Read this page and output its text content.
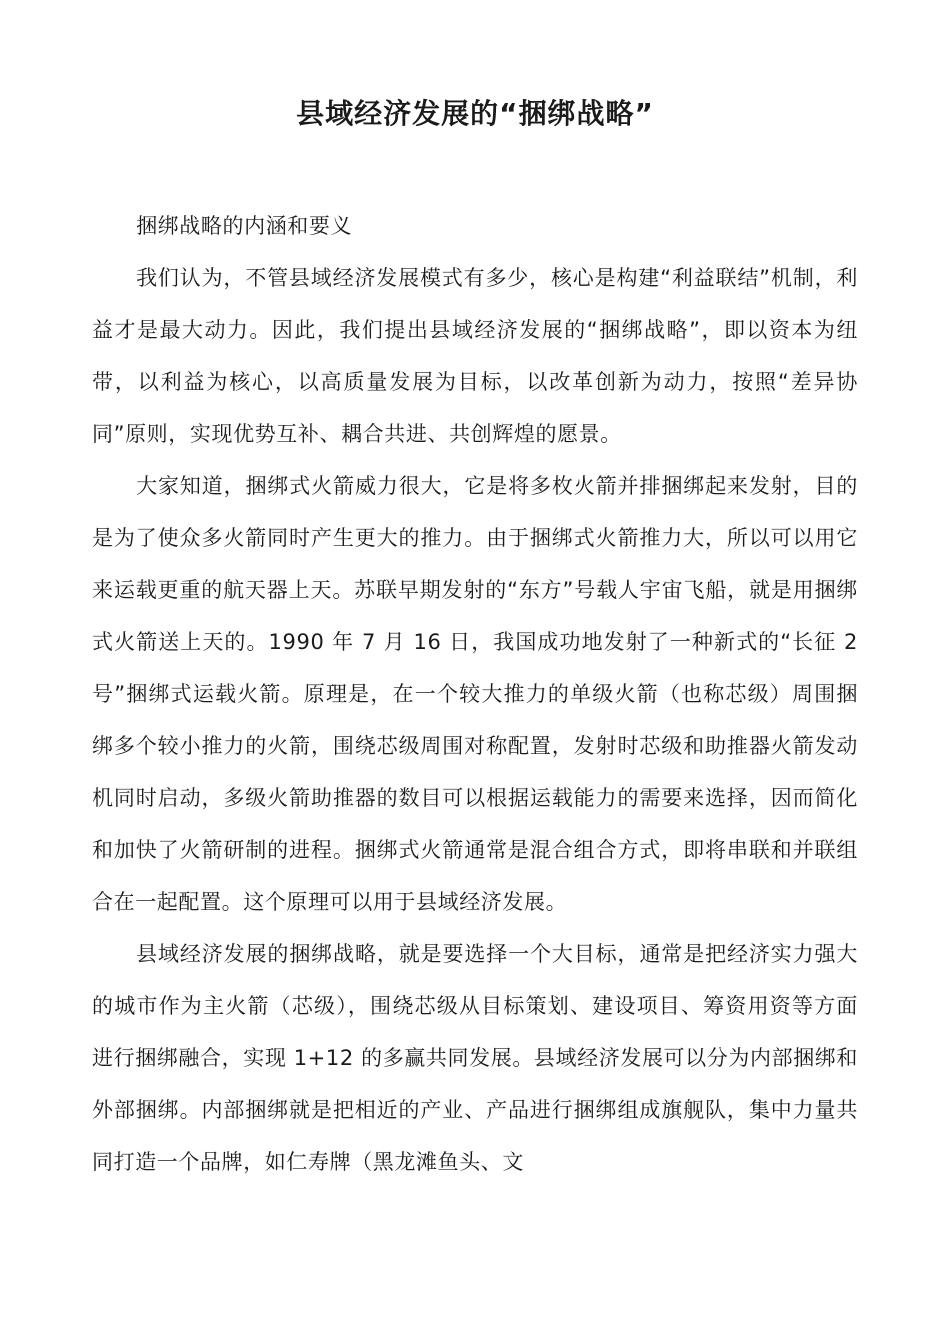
县域经济发展的“捆绑战略”

捆绑战略的内涵和要义

我们认为，不管县域经济发展模式有多少，核心是构建“利益联结”机制，利益才是最大动力。因此，我们提出县域经济发展的“捆绑战略”，即以资本为纽带，以利益为核心，以高质量发展为目标，以改革创新为动力，按照“差异协同”原则，实现优势互补、耦合共进、共创辉煌的愿景。

大家知道，捆绑式火箭威力很大，它是将多枚火箭并排捆绑起来发射，目的是为了使众多火箭同时产生更大的推力。由于捆绑式火箭推力大，所以可以用它来运载更重的航天器上天。苏联早期发射的“东方”号载人宇宙飞船，就是用捆绑式火箭送上天的。1990 年 7 月 16 日，我国成功地发射了一种新式的“长征 2 号”捆绑式运载火箭。原理是，在一个较大推力的单级火箭（也称芯级）周围捆绑多个较小推力的火箭，围绕芯级周围对称配置，发射时芯级和助推器火箭发动机同时启动，多级火箭助推器的数目可以根据运载能力的需要来选择，因而简化和加快了火箭研制的进程。捆绑式火箭通常是混合组合方式，即将串联和并联组合在一起配置。这个原理可以用于县域经济发展。

县域经济发展的捆绑战略，就是要选择一个大目标，通常是把经济实力强大的城市作为主火箭（芯级），围绕芯级从目标策划、建设项目、筹资用资等方面进行捆绑融合，实现 1+12 的多赢共同发展。县域经济发展可以分为内部捆绑和外部捆绑。内部捆绑就是把相近的产业、产品进行捆绑组成旗舰队，集中力量共同打造一个品牌，如仁寿牌（黑龙滩鱼头、文
